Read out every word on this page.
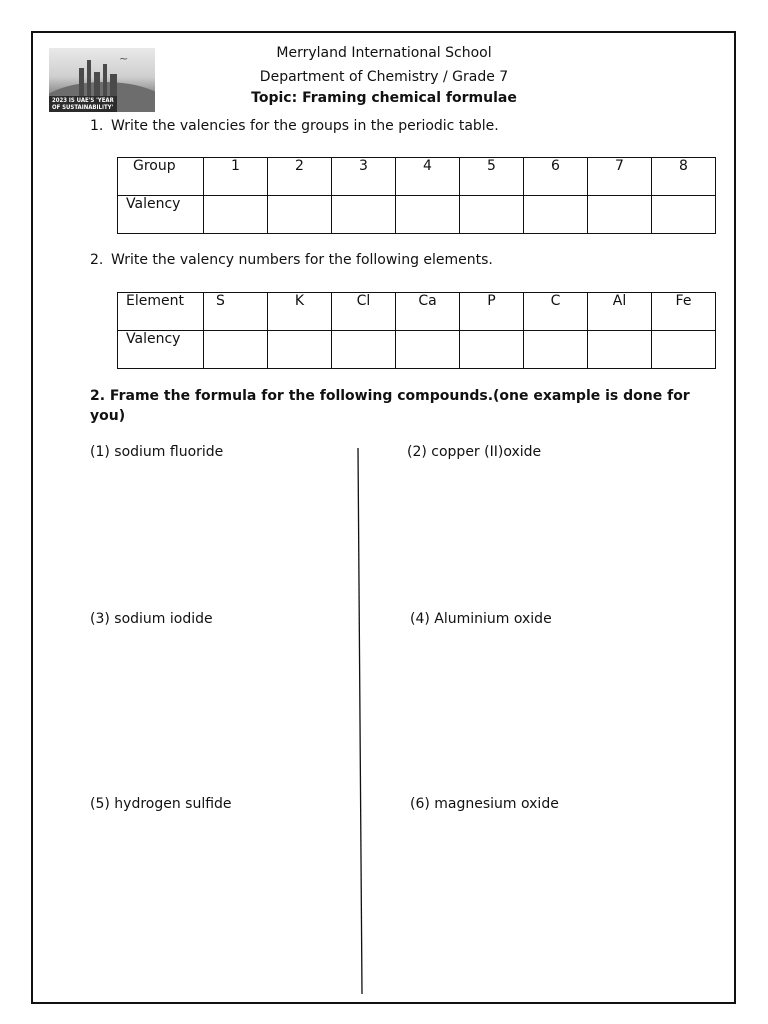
~
2023 IS UAE'S 'YEAR
OF SUSTAINABILITY'
Merryland International School
Department of Chemistry / Grade 7
Topic: Framing chemical formulae
1. Write the valencies for the groups in the periodic table.
Group	1	2	3	4	5	6	7	8
Valency								
2. Write the valency numbers for the following elements.
Element	S	K	Cl	Ca	P	C	Al	Fe
Valency								
2. Frame the formula for the following compounds.(one example is done for you)
(1) sodium fluoride	(2) copper (II)oxide
(3) sodium iodide	(4) Aluminium oxide
(5) hydrogen sulfide	(6) magnesium oxide
